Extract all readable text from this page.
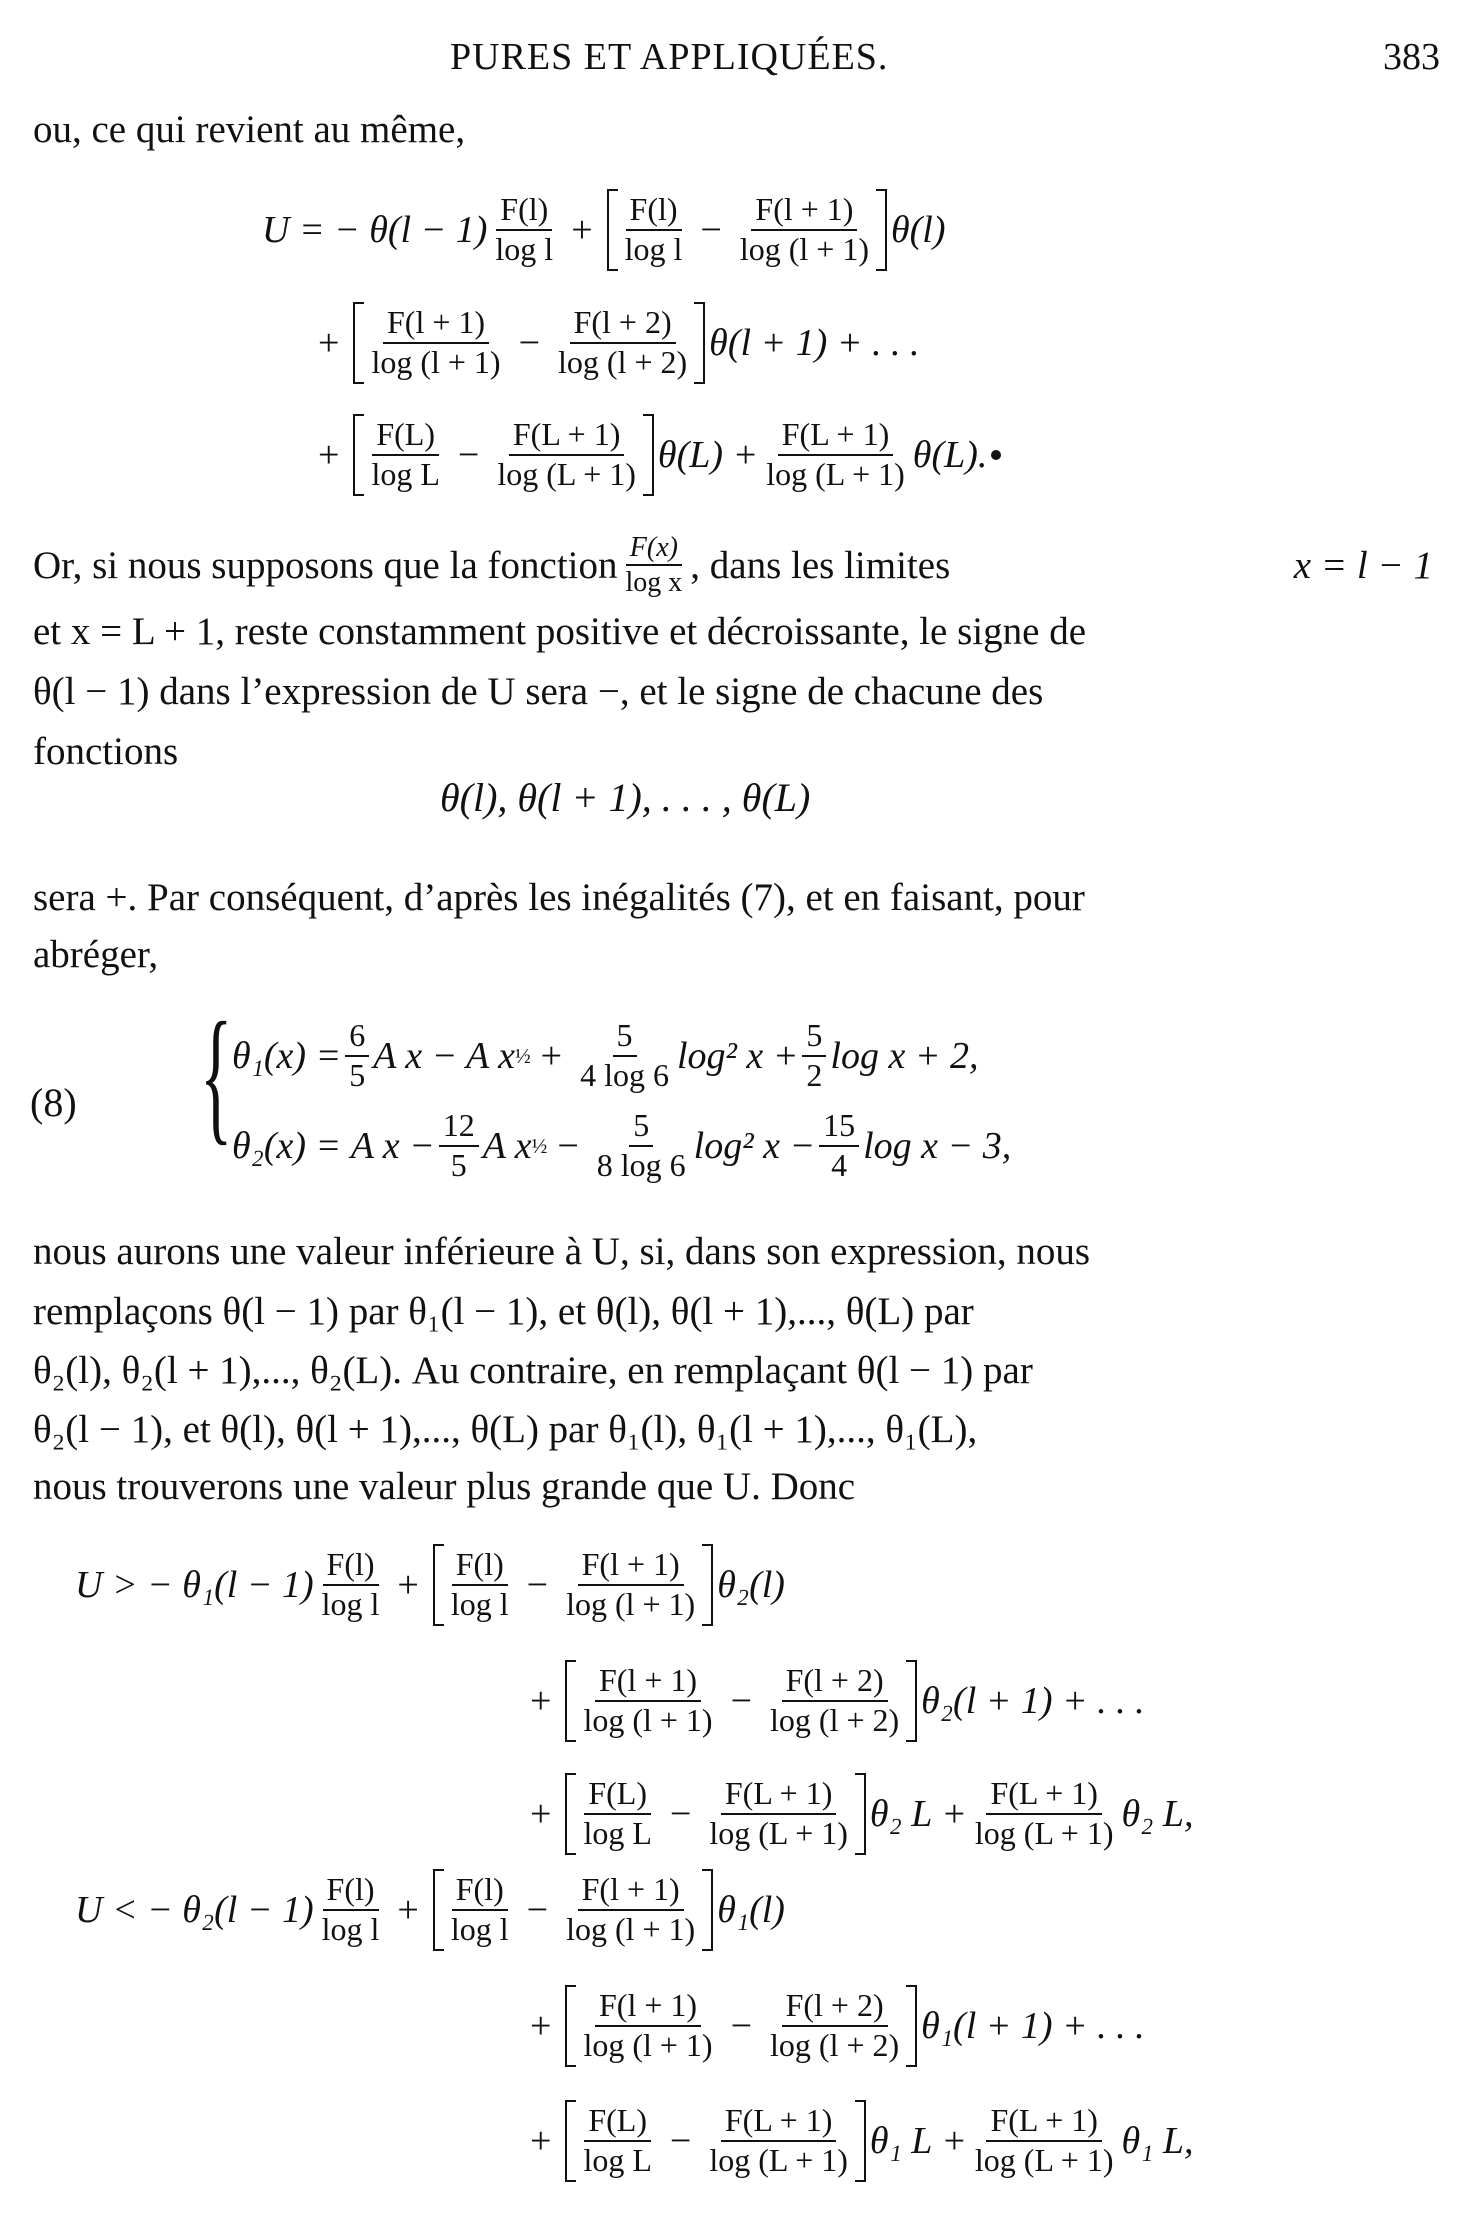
PURES ET APPLIQUÉES.	383
ou, ce qui revient au même,
U = − $\theta(l - 1) \frac{F(l)}{\text{log l}} + \frac{F(l)}{\text{log l}} - \frac{F(l + 1)}{\log (l + 1)} \theta(l)$
+ $\frac{F(l + 1)}{\log (l + 1)} - \frac{F(l + 2)}{\log (l + 2)} \theta(l + 1)$ + . . .
+ $\frac{F(L)}{\text{log L}} - \frac{F(L + 1)}{\log (L + 1)} \theta(L) + \frac{F(L + 1)}{\log (L + 1)} \theta(L)$.
Or, si nous supposons que la fonction $\frac{F(x)}{\text{log x}}$ , dans les limites	x = l − 1
et x = L + 1, reste constamment positive et décroissante, le signe de
θ(l − 1) dans l’expression de U sera −, et le signe de chacune des
fonctions
θ(l), θ(l + 1), . . . , θ(L)
sera +. Par conséquent, d’après les inégalités (7), et en faisant, pour
abréger,
(8) { $\theta_1(x) = \frac{6}{5}$ A x − A x ½ + $\frac{5}{4 \log 6} \log^2$ $x + \frac{5}{2}$ log x + 2,
θ₂(x) =
A $x - \frac{12}{5}$ A x ½ − $\frac{5}{8 \log 6} \log^2$ $x - \frac{15}{4}$ log x − 3,
nous aurons une valeur inférieure à U, si, dans son expression, nous
remplaçons θ(l − 1) par θ₁(l − 1), et θ(l), θ(l + 1),..., θ(L) par
θ₂(l), θ₂(l + 1),..., θ₂(L). Au contraire, en remplaçant θ(l − 1) par
θ₂(l − 1), et θ(l), θ(l + 1),..., θ(L) par θ₁(l), θ₁(l + 1),..., θ₁(L),
nous trouverons une valeur plus grande que U. Donc
U > − $\theta_1(l - 1) \frac{F(l)}{\text{log l}} + \frac{F(l)}{\text{log l}} - \frac{F(l + 1)}{\log (l + 1)} \theta_2(l)$
+ $\frac{F(l + 1)}{\log (l + 1)} - \frac{F(l + 2)}{\log (l + 2)} \theta_2(l + 1)$ + . . .
+ $\frac{F(L)}{\text{log L}} - \frac{F(L + 1)}{\log (L + 1)} \theta_2$ $L + \frac{F(L + 1)}{\log (L + 1)} \theta_2$ L,
U < − $\theta_2(l - 1) \frac{F(l)}{\text{log l}} + \frac{F(l)}{\text{log l}} - \frac{F(l + 1)}{\log (l + 1)} \theta_1(l)$
+ $\frac{F(l + 1)}{\log (l + 1)} - \frac{F(l + 2)}{\log (l + 2)} \theta_1(l + 1)$ + . . .
+ $\frac{F(L)}{\text{log L}} - \frac{F(L + 1)}{\log (L + 1)} \theta_1$ $L + \frac{F(L + 1)}{\log (L + 1)} \theta_1$ L,
